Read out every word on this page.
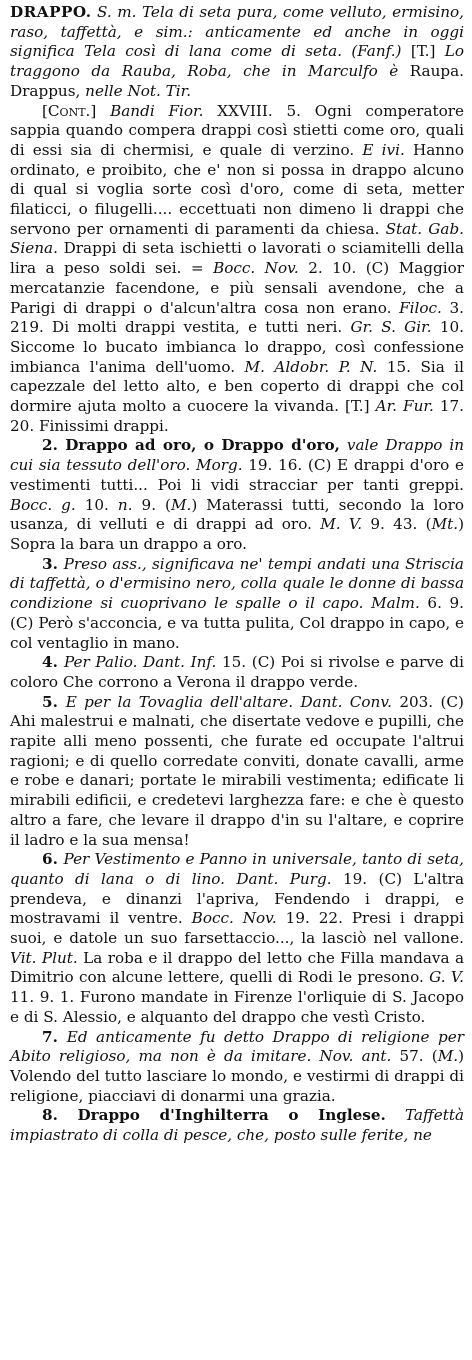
DRAPPO. S. m. Tela di seta pura, come velluto, ermisino, raso, taffettà, e sim.: anticamente ed anche in oggi significa Tela così di lana come di seta. (Fanf.) [T.] Lo traggono da Rauba, Roba, che in Marculfo è Raupa. Drappus, nelle Not. Tir.

[Cont.] Bandi Fior. XXVIII. 5. Ogni comperatore sappia quando compera drappi così stietti come oro, quali di essi sia di chermisi, e quale di verzino. E ivi. Hanno ordinato, e proibito, che e' non si possa in drappo alcuno di qual si voglia sorte così d'oro, come di seta, metter filaticci, o filugelli.... eccettuati non dimeno li drappi che servono per ornamenti di paramenti da chiesa. Stat. Gab. Siena. Drappi di seta ischietti o lavorati o sciamitelli della lira a peso soldi sei. = Bocc. Nov. 2. 10. (C) Maggior mercatanzie facendone, e più sensali avendone, che a Parigi di drappi o d'alcun'altra cosa non erano. Filoc. 3. 219. Di molti drappi vestita, e tutti neri. Gr. S. Gir. 10. Siccome lo bucato imbianca lo drappo, così confessione imbianca l'anima dell'uomo. M. Aldobr. P. N. 15. Sia il capezzale del letto alto, e ben coperto di drappi che col dormire ajuta molto a cuocere la vivanda. [T.] Ar. Fur. 17. 20. Finissimi drappi.

2. Drappo ad oro, o Drappo d'oro, vale Drappo in cui sia tessuto dell'oro. Morg. 19. 16. (C) E drappi d'oro e vestimenti tutti... Poi li vidi stracciar per tanti greppi. Bocc. g. 10. n. 9. (M.) Materassi tutti, secondo la loro usanza, di velluti e di drappi ad oro. M. V. 9. 43. (Mt.) Sopra la bara un drappo a oro.

3. Preso ass., significava ne' tempi andati una Striscia di taffettà, o d'ermisino nero, colla quale le donne di bassa condizione si cuoprivano le spalle o il capo. Malm. 6. 9. (C) Però s'acconcia, e va tutta pulita, Col drappo in capo, e col ventaglio in mano.

4. Per Palio. Dant. Inf. 15. (C) Poi si rivolse e parve di coloro Che corrono a Verona il drappo verde.

5. E per la Tovaglia dell'altare. Dant. Conv. 203. (C) Ahi malestrui e malnati, che disertate vedove e pupilli, che rapite alli meno possenti, che furate ed occupate l'altrui ragioni; e di quello corredate conviti, donate cavalli, arme e robe e danari; portate le mirabili vestimenta; edificate li mirabili edificii, e credetevi larghezza fare: e che è questo altro a fare, che levare il drappo d'in su l'altare, e coprire il ladro e la sua mensa!

6. Per Vestimento e Panno in universale, tanto di seta, quanto di lana o di lino. Dant. Purg. 19. (C) L'altra prendeva, e dinanzi l'apriva, Fendendo i drappi, e mostravami il ventre. Bocc. Nov. 19. 22. Presi i drappi suoi, e datole un suo farsettaccio..., la lasciò nel vallone. Vit. Plut. La roba e il drappo del letto che Filla mandava a Dimitrio con alcune lettere, quelli di Rodi le presono. G. V. 11. 9. 1. Furono mandate in Firenze l'orliquie di S. Jacopo e di S. Alessio, e alquanto del drappo che vestì Cristo.

7. Ed anticamente fu detto Drappo di religione per Abito religioso, ma non è da imitare. Nov. ant. 57. (M.) Volendo del tutto lasciare lo mondo, e vestirmi di drappi di religione, piacciavi di donarmi una grazia.

8. Drappo d'Inghilterra o Inglese. Taffettà impiastrato di colla di pesce, che, posto sulle ferite, ne
